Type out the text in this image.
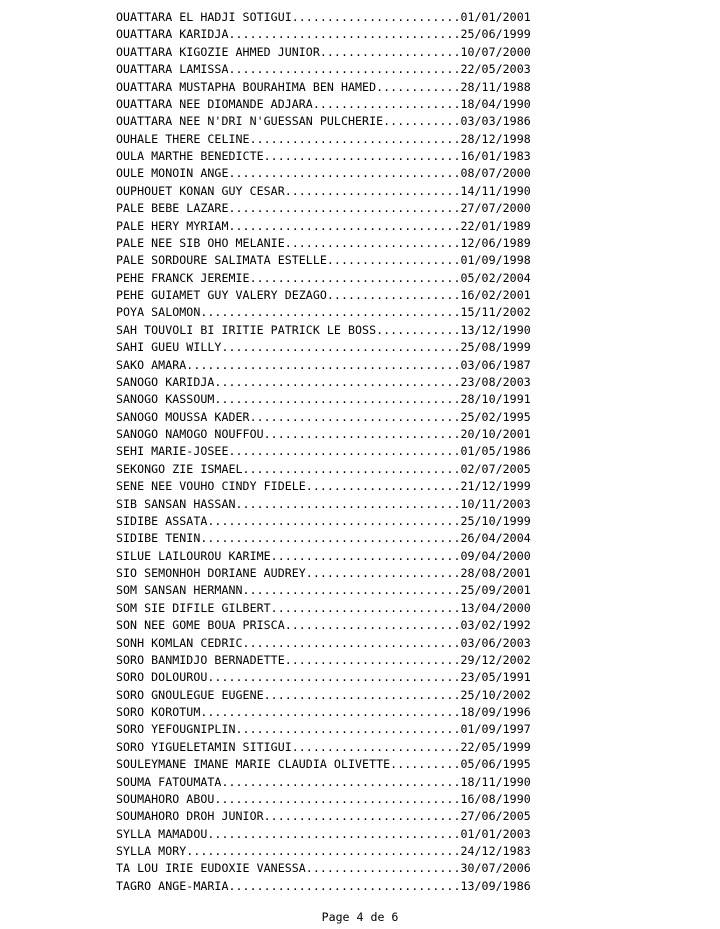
OUATTARA EL HADJI SOTIGUI........................01/01/2001
OUATTARA KARIDJA.................................25/06/1999
OUATTARA KIGOZIE AHMED JUNIOR....................10/07/2000
OUATTARA LAMISSA.................................22/05/2003
OUATTARA MUSTAPHA BOURAHIMA BEN HAMED............28/11/1988
OUATTARA NEE DIOMANDE ADJARA.....................18/04/1990
OUATTARA NEE N'DRI N'GUESSAN PULCHERIE...........03/03/1986
OUHALE THERE CELINE..............................28/12/1998
OULA MARTHE BENEDICTE............................16/01/1983
OULE MONOIN ANGE.................................08/07/2000
OUPHOUET KONAN GUY CESAR.........................14/11/1990
PALE BEBE LAZARE.................................27/07/2000
PALE HERY MYRIAM.................................22/01/1989
PALE NEE SIB OHO MELANIE.........................12/06/1989
PALE SORDOURE SALIMATA ESTELLE...................01/09/1998
PEHE FRANCK JEREMIE..............................05/02/2004
PEHE GUIAMET GUY VALERY DEZAGO...................16/02/2001
POYA SALOMON.....................................15/11/2002
SAH TOUVOLI BI IRITIE PATRICK LE BOSS............13/12/1990
SAHI GUEU WILLY..................................25/08/1999
SAKO AMARA.......................................03/06/1987
SANOGO KARIDJA...................................23/08/2003
SANOGO KASSOUM...................................28/10/1991
SANOGO MOUSSA KADER..............................25/02/1995
SANOGO NAMOGO NOUFFOU............................20/10/2001
SEHI MARIE-JOSEE.................................01/05/1986
SEKONGO ZIE ISMAEL...............................02/07/2005
SENE NEE VOUHO CINDY FIDELE......................21/12/1999
SIB SANSAN HASSAN................................10/11/2003
SIDIBE ASSATA....................................25/10/1999
SIDIBE TENIN.....................................26/04/2004
SILUE LAILOUROU KARIME...........................09/04/2000
SIO SEMONHOH DORIANE AUDREY......................28/08/2001
SOM SANSAN HERMANN...............................25/09/2001
SOM SIE DIFILE GILBERT...........................13/04/2000
SON NEE GOME BOUA PRISCA.........................03/02/1992
SONH KOMLAN CEDRIC...............................03/06/2003
SORO BANMIDJO BERNADETTE.........................29/12/2002
SORO DOLOUROU....................................23/05/1991
SORO GNOULEGUE EUGENE............................25/10/2002
SORO KOROTUM.....................................18/09/1996
SORO YEFOUGNIPLIN................................01/09/1997
SORO YIGUELETAMIN SITIGUI........................22/05/1999
SOULEYMANE IMANE MARIE CLAUDIA OLIVETTE..........05/06/1995
SOUMA FATOUMATA..................................18/11/1990
SOUMAHORO ABOU...................................16/08/1990
SOUMAHORO DROH JUNIOR............................27/06/2005
SYLLA MAMADOU....................................01/01/2003
SYLLA MORY.......................................24/12/1983
TA LOU IRIE EUDOXIE VANESSA......................30/07/2006
TAGRO ANGE-MARIA.................................13/09/1986
Page 4 de 6
